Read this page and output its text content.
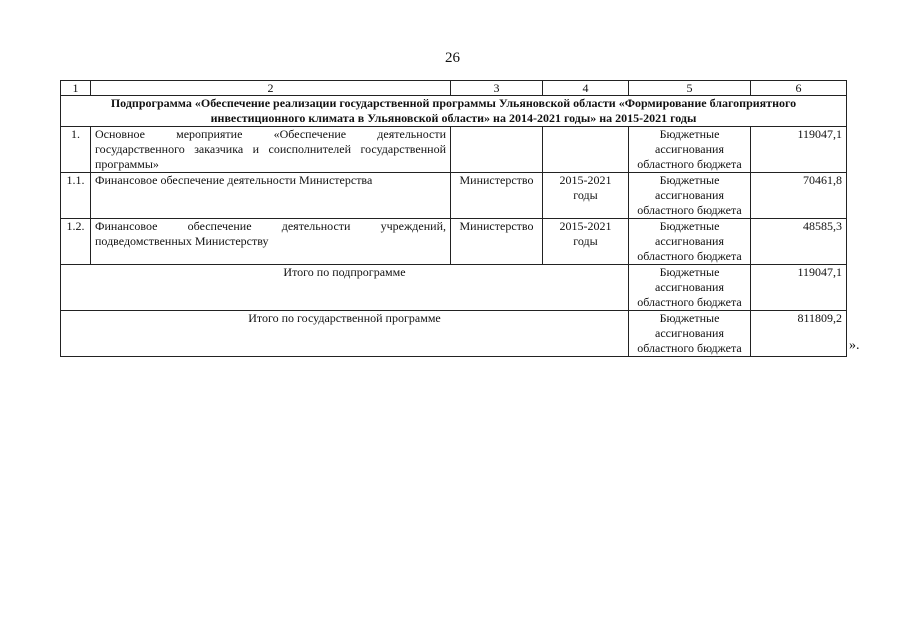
26
1	2	3	4	5	6
Подпрограмма «Обеспечение реализации государственной программы Ульяновской области «Формирование благоприятного инвестиционного климата в Ульяновской области» на 2014-2021 годы» на 2015-2021 годы					
1.	Основное мероприятие «Обеспечение деятельности государственного заказчика и соисполнителей государственной программы»			Бюджетные ассигнования областного бюджета	119047,1
1.1.	Финансовое обеспечение деятельности Министерства	Министерство	2015-2021 годы	Бюджетные ассигнования областного бюджета	70461,8
1.2.	Финансовое обеспечение деятельности учреждений, подведомственных Министерству	Министерство	2015-2021 годы	Бюджетные ассигнования областного бюджета	48585,3
Итого по подпрограмме				Бюджетные ассигнования областного бюджета	119047,1
Итого по государственной программе				Бюджетные ассигнования областного бюджета	811809,2
».
